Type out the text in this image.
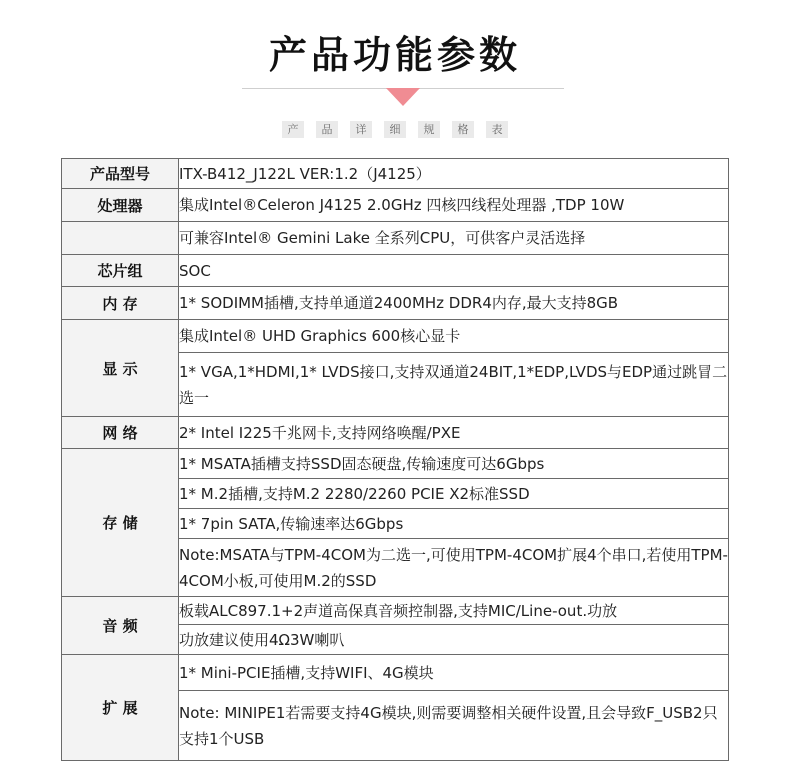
产品功能参数
产	品	详	细	规	格	表
产品型号	ITX-B412_J122L VER:1.2（J4125）
处理器	集成Intel®Celeron J4125 2.0GHz 四核四线程处理器 ,TDP 10W
	可兼容Intel® Gemini Lake 全系列CPU，可供客户灵活选择
芯片组	SOC
内 存	1* SODIMM插槽,支持单通道2400MHz DDR4内存,最大支持8GB
显 示	集成Intel® UHD Graphics 600核心显卡
	1* VGA,1*HDMI,1* LVDS接口,支持双通道24BIT,1*EDP,LVDS与EDP通过跳冒二选一
网 络	2* Intel I225千兆网卡,支持网络唤醒/PXE
存 储	1* MSATA插槽支持SSD固态硬盘,传输速度可达6Gbps
	1* M.2插槽,支持M.2 2280/2260 PCIE X2标准SSD
	1* 7pin SATA,传输速率达6Gbps
	Note:MSATA与TPM-4COM为二选一,可使用TPM-4COM扩展4个串口,若使用TPM-4COM小板,可使用M.2的SSD
音 频	板载ALC897.1+2声道高保真音频控制器,支持MIC/Line-out.功放
	功放建议使用4Ω3W喇叭
扩 展	1* Mini-PCIE插槽,支持WIFI、4G模块
	Note: MINIPE1若需要支持4G模块,则需要调整相关硬件设置,且会导致F_USB2只支持1个USB
